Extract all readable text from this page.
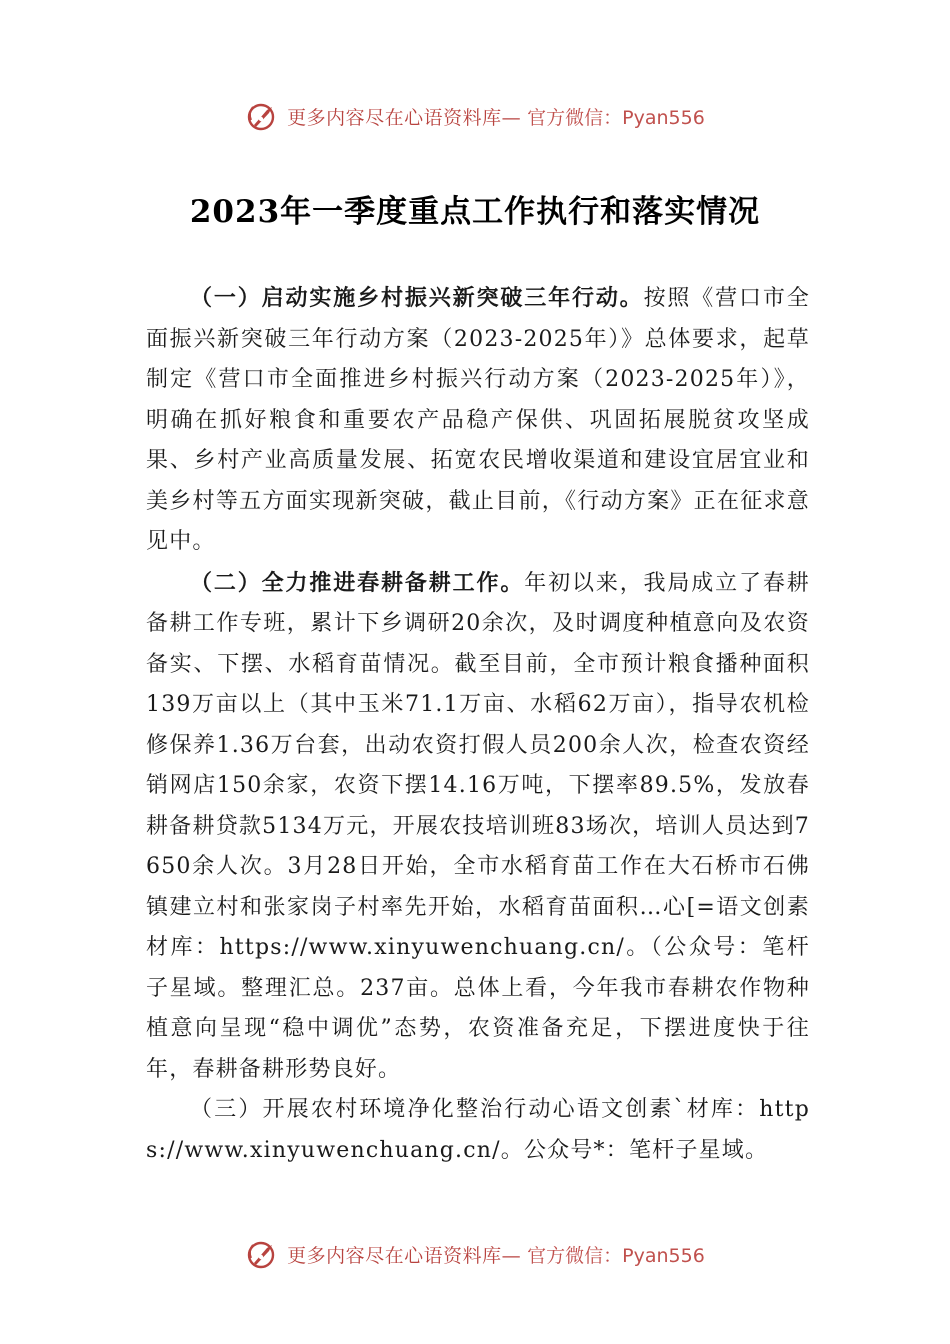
更多内容尽在心语资料库— 官方微信：Pyan556
2023年一季度重点工作执行和落实情况

（一）启动实施乡村振兴新突破三年行动。按照《营口市全面振兴新突破三年行动方案（2023-2025年）》总体要求，起草制定《营口市全面推进乡村振兴行动方案（2023-2025年）》，明确在抓好粮食和重要农产品稳产保供、巩固拓展脱贫攻坚成果、乡村产业高质量发展、拓宽农民增收渠道和建设宜居宜业和美乡村等五方面实现新突破，截止目前，《行动方案》正在征求意见中。

（二）全力推进春耕备耕工作。年初以来，我局成立了春耕备耕工作专班，累计下乡调研20余次，及时调度种植意向及农资备实、下摆、水稻育苗情况。截至目前，全市预计粮食播种面积139万亩以上（其中玉米71.1万亩、水稻62万亩），指导农机检修保养1.36万台套，出动农资打假人员200余人次，检查农资经销网店150余家，农资下摆14.16万吨，下摆率89.5%，发放春耕备耕贷款5134万元，开展农技培训班83场次，培训人员达到7650余人次。3月28日开始，全市水稻育苗工作在大石桥市石佛镇建立村和张家岗子村率先开始，水稻育苗面积…心[=语文创素材库：https://www.xinyuwenchuang.cn/。（公众号：笔杆子星域。整理汇总。237亩。总体上看，今年我市春耕农作物种植意向呈现“稳中调优”态势，农资准备充足，下摆进度快于往年，春耕备耕形势良好。

（三）开展农村环境净化整治行动心语文创素`材库：https://www.xinyuwenchuang.cn/。公众号*：笔杆子星域。

更多内容尽在心语资料库— 官方微信：Pyan556
